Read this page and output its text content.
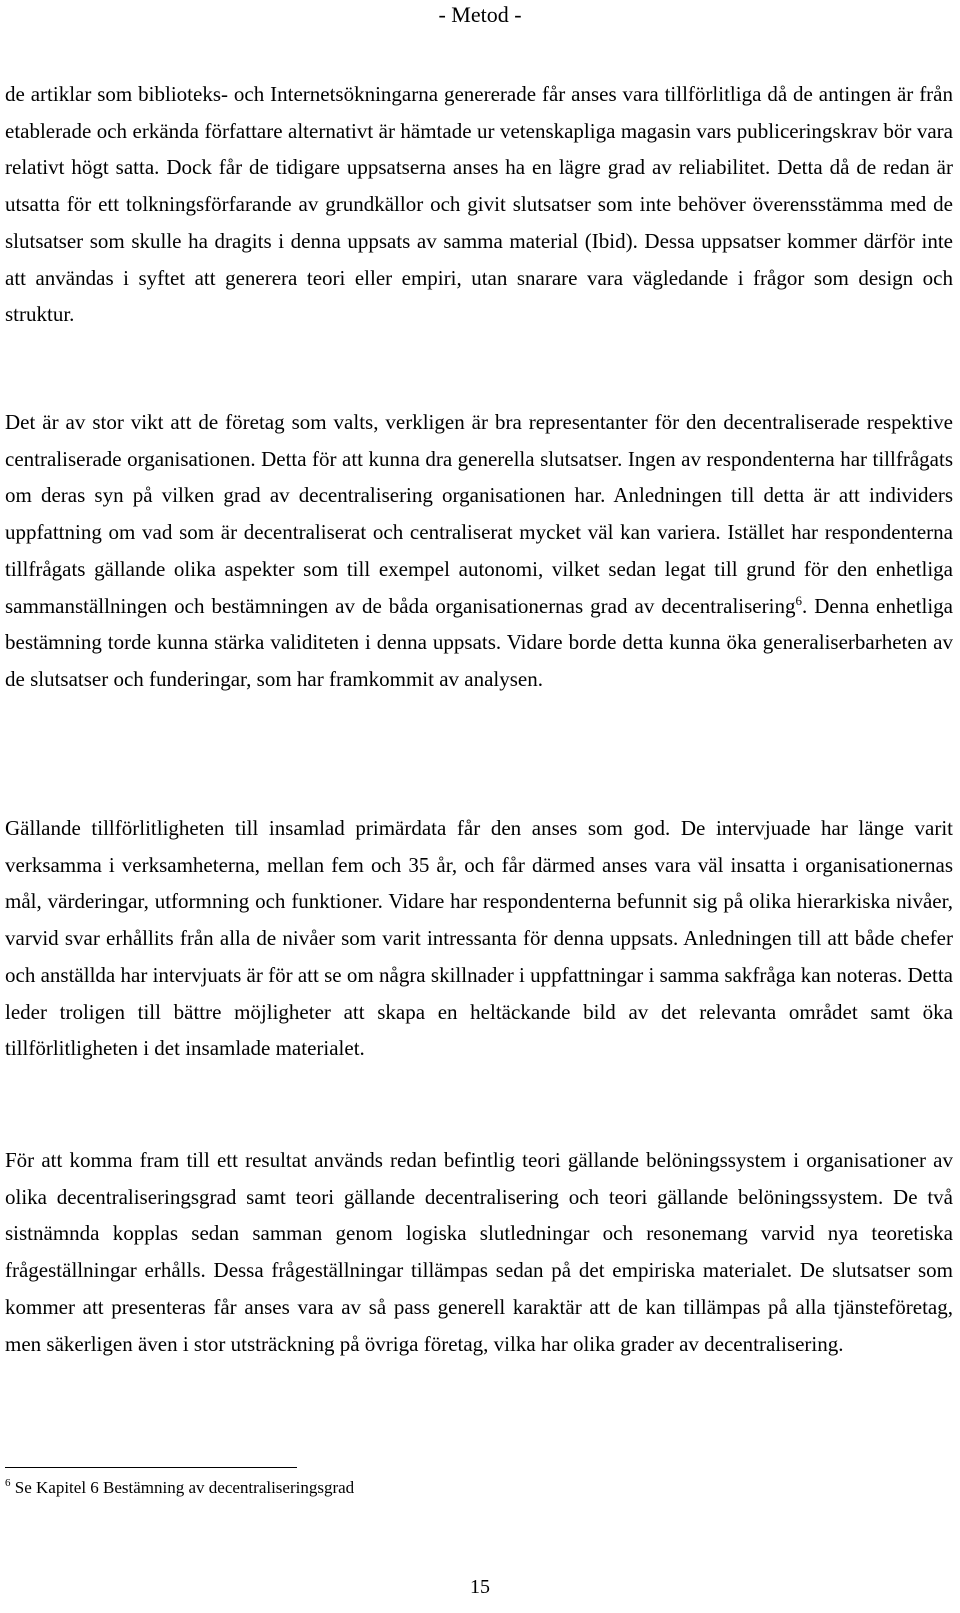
- Metod -

de artiklar som biblioteks- och Internetsökningarna genererade får anses vara tillförlitliga då de antingen är från etablerade och erkända författare alternativt är hämtade ur vetenskapliga magasin vars publiceringskrav bör vara relativt högt satta. Dock får de tidigare uppsatserna anses ha en lägre grad av reliabilitet. Detta då de redan är utsatta för ett tolkningsförfarande av grundkällor och givit slutsatser som inte behöver överensstämma med de slutsatser som skulle ha dragits i denna uppsats av samma material (Ibid). Dessa uppsatser kommer därför inte att användas i syftet att generera teori eller empiri, utan snarare vara vägledande i frågor som design och struktur.

Det är av stor vikt att de företag som valts, verkligen är bra representanter för den decentraliserade respektive centraliserade organisationen. Detta för att kunna dra generella slutsatser. Ingen av respondenterna har tillfrågats om deras syn på vilken grad av decentralisering organisationen har. Anledningen till detta är att individers uppfattning om vad som är decentraliserat och centraliserat mycket väl kan variera. Istället har respondenterna tillfrågats gällande olika aspekter som till exempel autonomi, vilket sedan legat till grund för den enhetliga sammanställningen och bestämningen av de båda organisationernas grad av decentralisering$^6$. Denna enhetliga bestämning torde kunna stärka validiteten i denna uppsats. Vidare borde detta kunna öka generaliserbarheten av de slutsatser och funderingar, som har framkommit av analysen.

Gällande tillförlitligheten till insamlad primärdata får den anses som god. De intervjuade har länge varit verksamma i verksamheterna, mellan fem och 35 år, och får därmed anses vara väl insatta i organisationernas mål, värderingar, utformning och funktioner. Vidare har respondenterna befunnit sig på olika hierarkiska nivåer, varvid svar erhållits från alla de nivåer som varit intressanta för denna uppsats. Anledningen till att både chefer och anställda har intervjuats är för att se om några skillnader i uppfattningar i samma sakfråga kan noteras. Detta leder troligen till bättre möjligheter att skapa en heltäckande bild av det relevanta området samt öka tillförlitligheten i det insamlade materialet.

För att komma fram till ett resultat används redan befintlig teori gällande belöningssystem i organisationer av olika decentraliseringsgrad samt teori gällande decentralisering och teori gällande belöningssystem. De två sistnämnda kopplas sedan samman genom logiska slutledningar och resonemang varvid nya teoretiska frågeställningar erhålls. Dessa frågeställningar tillämpas sedan på det empiriska materialet. De slutsatser som kommer att presenteras får anses vara av så pass generell karaktär att de kan tillämpas på alla tjänsteföretag, men säkerligen även i stor utsträckning på övriga företag, vilka har olika grader av decentralisering.

$^6$ Se Kapitel 6 Bestämning av decentraliseringsgrad
15
